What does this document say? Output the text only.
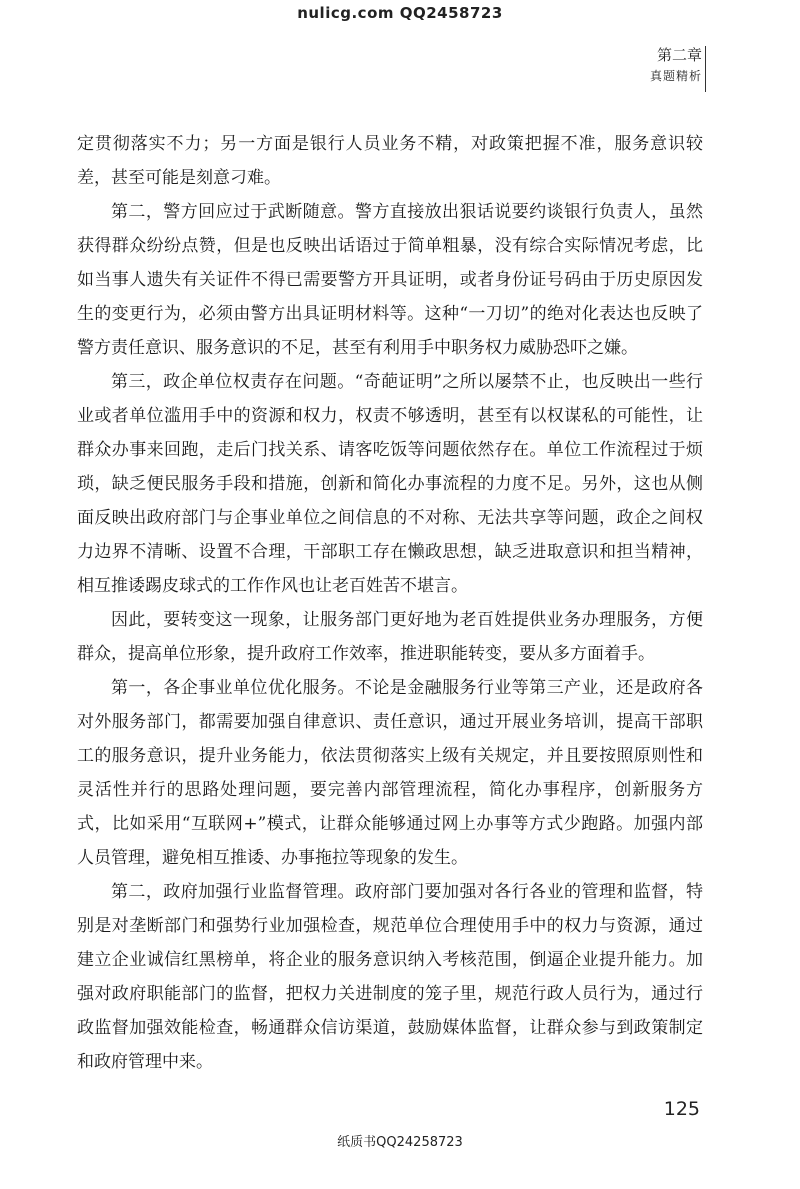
nulicg.com QQ2458723
第二章
真题精析

定贯彻落实不力；另一方面是银行人员业务不精，对政策把握不准，服务意识较差，甚至可能是刻意刁难。

第二，警方回应过于武断随意。警方直接放出狠话说要约谈银行负责人，虽然获得群众纷纷点赞，但是也反映出话语过于简单粗暴，没有综合实际情况考虑，比如当事人遗失有关证件不得已需要警方开具证明，或者身份证号码由于历史原因发生的变更行为，必须由警方出具证明材料等。这种“一刀切”的绝对化表达也反映了警方责任意识、服务意识的不足，甚至有利用手中职务权力威胁恐吓之嫌。

第三，政企单位权责存在问题。“奇葩证明”之所以屡禁不止，也反映出一些行业或者单位滥用手中的资源和权力，权责不够透明，甚至有以权谋私的可能性，让群众办事来回跑，走后门找关系、请客吃饭等问题依然存在。单位工作流程过于烦琐，缺乏便民服务手段和措施，创新和简化办事流程的力度不足。另外，这也从侧面反映出政府部门与企事业单位之间信息的不对称、无法共享等问题，政企之间权力边界不清晰、设置不合理，干部职工存在懒政思想，缺乏进取意识和担当精神，相互推诿踢皮球式的工作作风也让老百姓苦不堪言。

因此，要转变这一现象，让服务部门更好地为老百姓提供业务办理服务，方便群众，提高单位形象，提升政府工作效率，推进职能转变，要从多方面着手。

第一，各企事业单位优化服务。不论是金融服务行业等第三产业，还是政府各对外服务部门，都需要加强自律意识、责任意识，通过开展业务培训，提高干部职工的服务意识，提升业务能力，依法贯彻落实上级有关规定，并且要按照原则性和灵活性并行的思路处理问题，要完善内部管理流程，简化办事程序，创新服务方式，比如采用“互联网+”模式，让群众能够通过网上办事等方式少跑路。加强内部人员管理，避免相互推诿、办事拖拉等现象的发生。

第二，政府加强行业监督管理。政府部门要加强对各行各业的管理和监督，特别是对垄断部门和强势行业加强检查，规范单位合理使用手中的权力与资源，通过建立企业诚信红黑榜单，将企业的服务意识纳入考核范围，倒逼企业提升能力。加强对政府职能部门的监督，把权力关进制度的笼子里，规范行政人员行为，通过行政监督加强效能检查，畅通群众信访渠道，鼓励媒体监督，让群众参与到政策制定和政府管理中来。

125
纸质书QQ24258723
